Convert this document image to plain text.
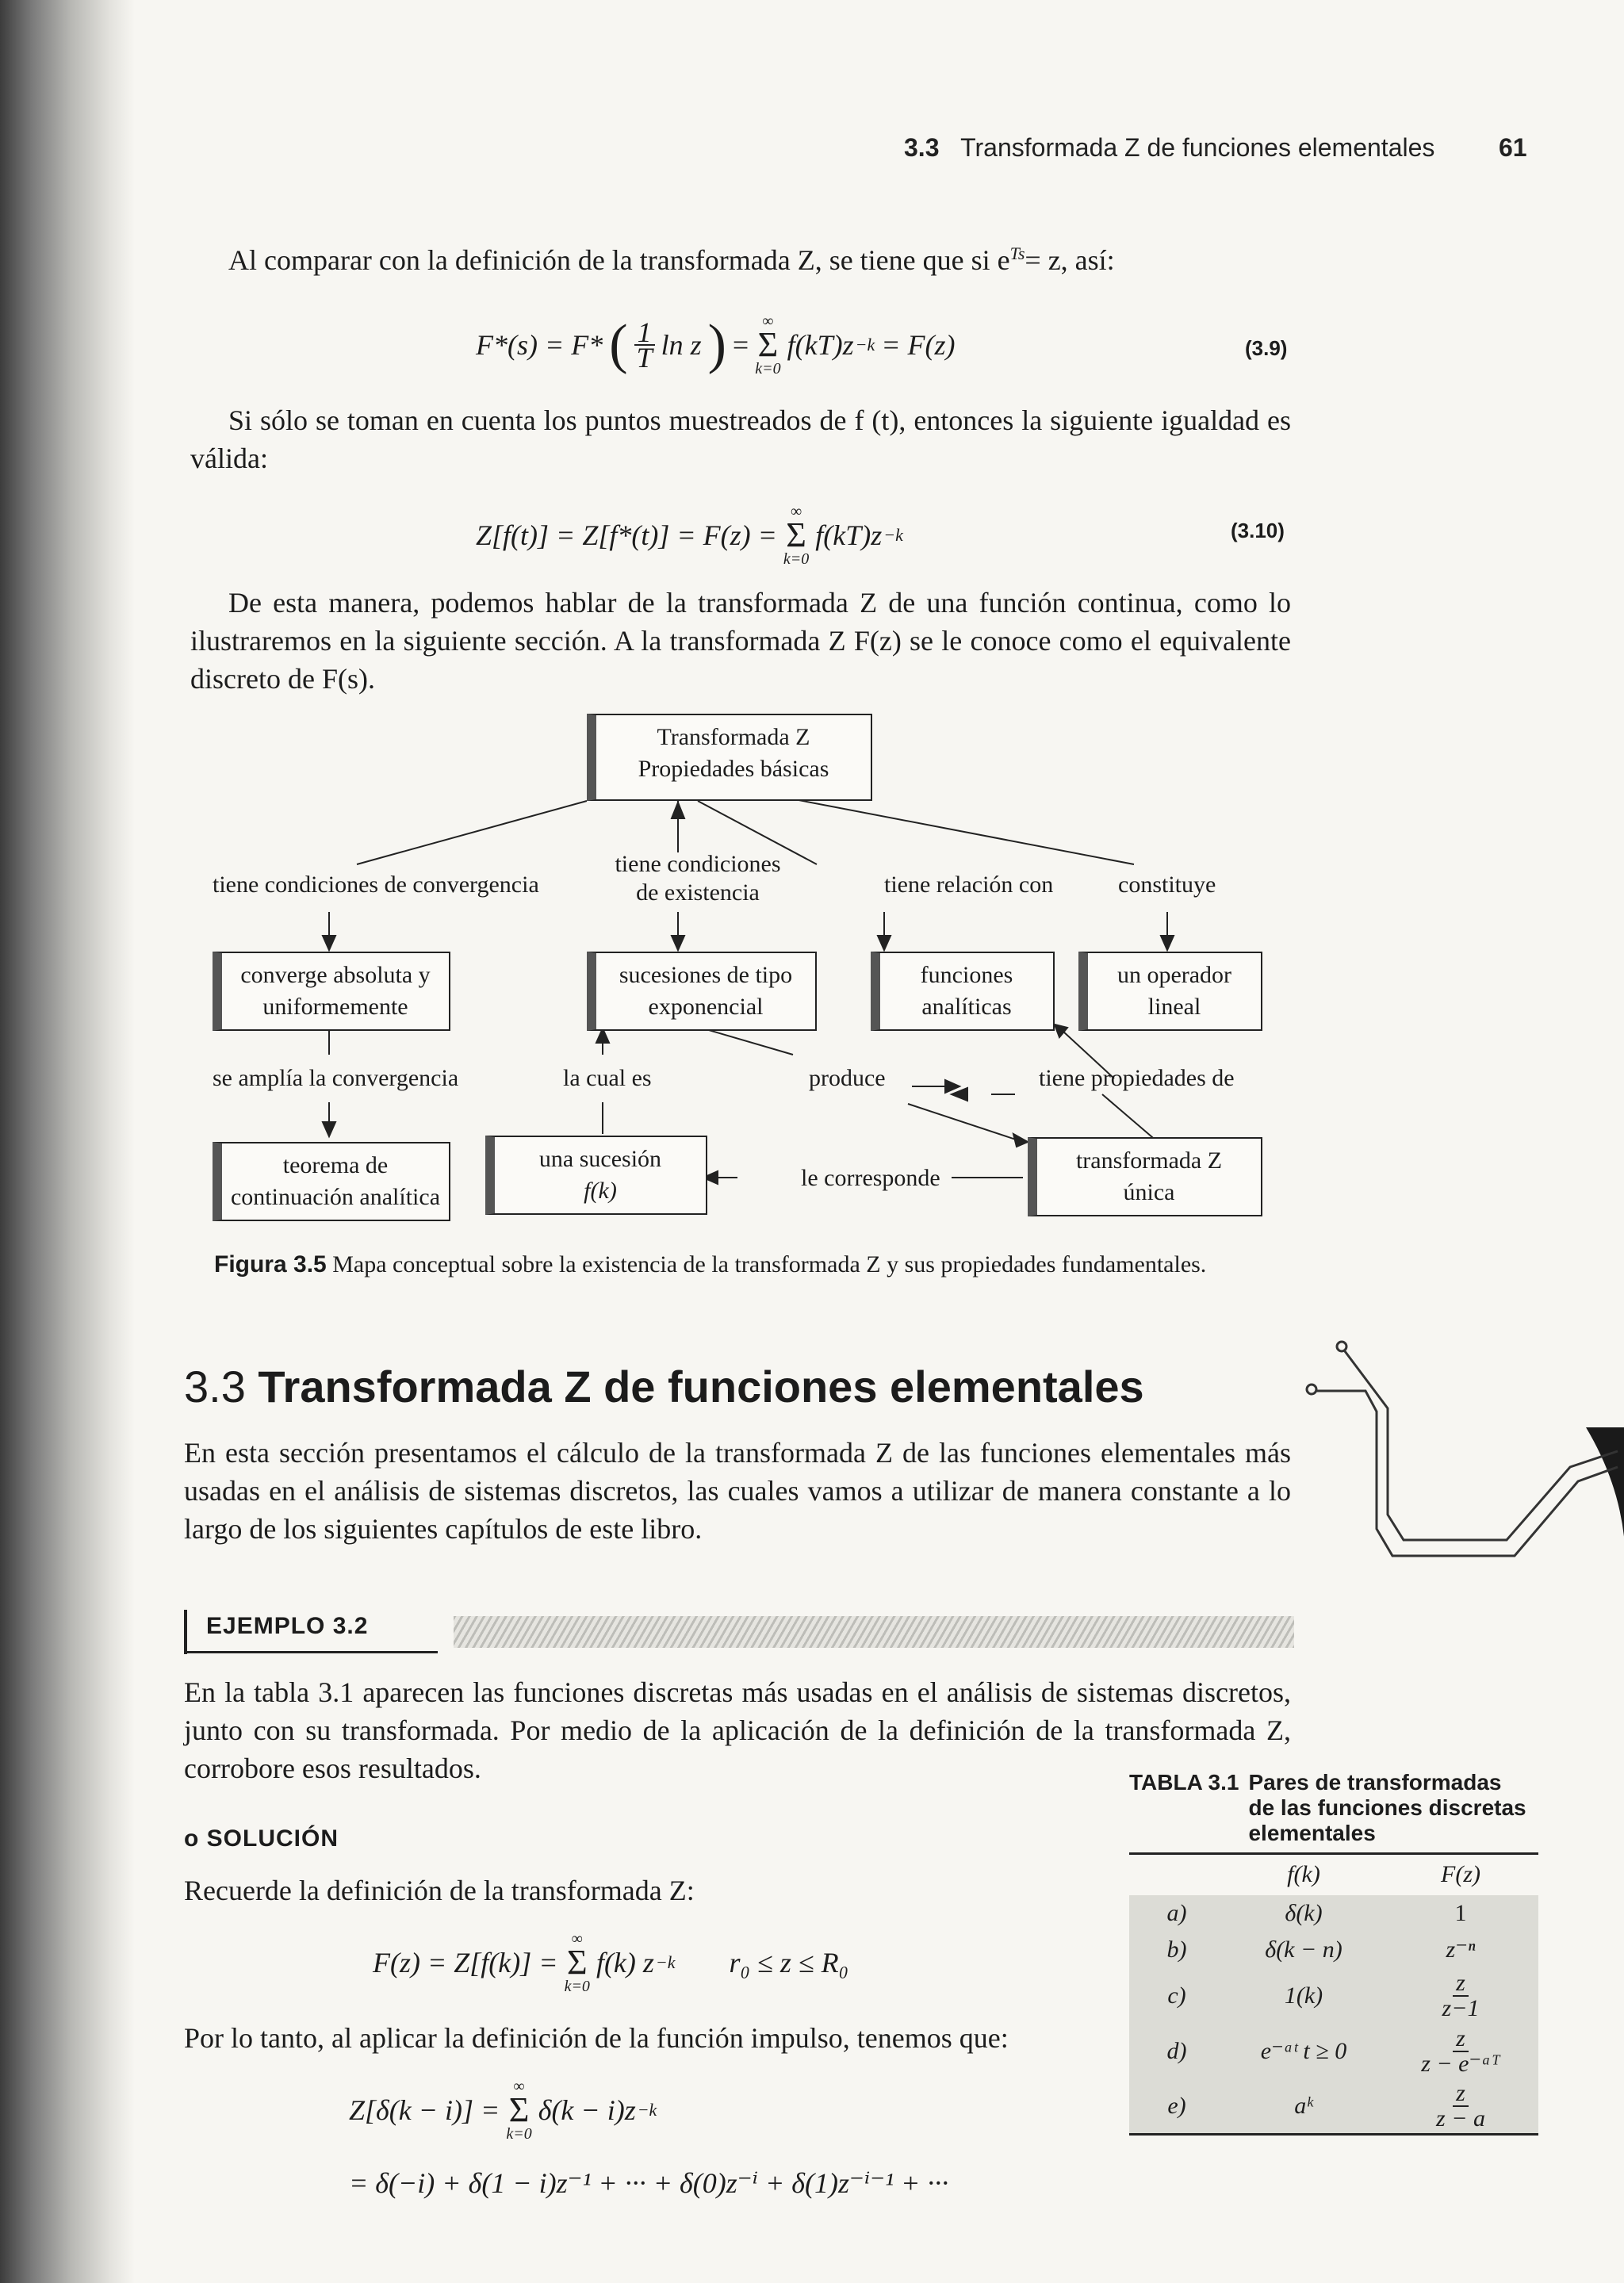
3.3 Transformada Z de funciones elementales	61
Al comparar con la definición de la transformada Z, se tiene que si $e^{Ts}= z$, así:
F*(s) = F* ( $\frac{1}{T}$ ln z ) =
∞
Σ
k=0
f(kT)z −k = F(z)	(3.9)
Si sólo se toman en cuenta los puntos muestreados de f (t), entonces la siguiente igualdad es válida:
Z[f(t)] = Z[f*(t)] = F(z) =
∞
Σ
k=0
f(kT)z −k	(3.10)
De esta manera, podemos hablar de la transformada Z de una función continua, como lo ilustraremos en la siguiente sección. A la transformada Z F(z) se le conoce como el equivalente discreto de F(s).
Transformada Z
Propiedades básicas
tiene condiciones de convergencia
tiene condiciones
de existencia	tiene relación con	constituye
converge absoluta y
uniformemente
sucesiones de tipo
exponencial
funciones
analíticas
un operador
lineal
se amplía la convergencia	la cual es	produce	tiene propiedades de
teorema de
continuación analítica
una sucesión
f(k)	le corresponde
transformada Z
única
Figura 3.5 Mapa conceptual sobre la existencia de la transformada Z y sus propiedades fundamentales.
3.3 Transformada Z de funciones elementales
En esta sección presentamos el cálculo de la transformada Z de las funciones elementales más usadas en el análisis de sistemas discretos, las cuales vamos a utilizar de manera constante a lo largo de los siguientes capítulos de este libro.
EJEMPLO 3.2
En la tabla 3.1 aparecen las funciones discretas más usadas en el análisis de sistemas discretos, junto con su transformada. Por medio de la aplicación de la definición de la transformada Z, corrobore esos resultados.
o SOLUCIÓN
Recuerde la definición de la transformada Z:
F(z) = Z[f(k)] =
∞
Σ
k=0
f(k) z −k r₀ ≤ z ≤ R₀
Por lo tanto, al aplicar la definición de la función impulso, tenemos que:
Z[δ(k − i)] =
∞
Σ
k=0
δ(k − i)z −k
= δ(−i) + δ(1 − i)z⁻¹ + ··· + δ(0)z⁻ⁱ + δ(1)z⁻ⁱ⁻¹ + ···
TABLA 3.1 Pares de transformadas
de las funciones discretas
elementales
	f(k)	F(z)
a)	δ(k)	1
b)	δ(k − n)	z⁻ⁿ
c)	1(k)	$\frac{z}{z-1}$

d)	e⁻ᵃᵗ t ≥ 0	$\frac{z}{\text{z − e⁻ᵃᵀ}}$

e)	aᵏ	$\frac{z}{z - a}$
